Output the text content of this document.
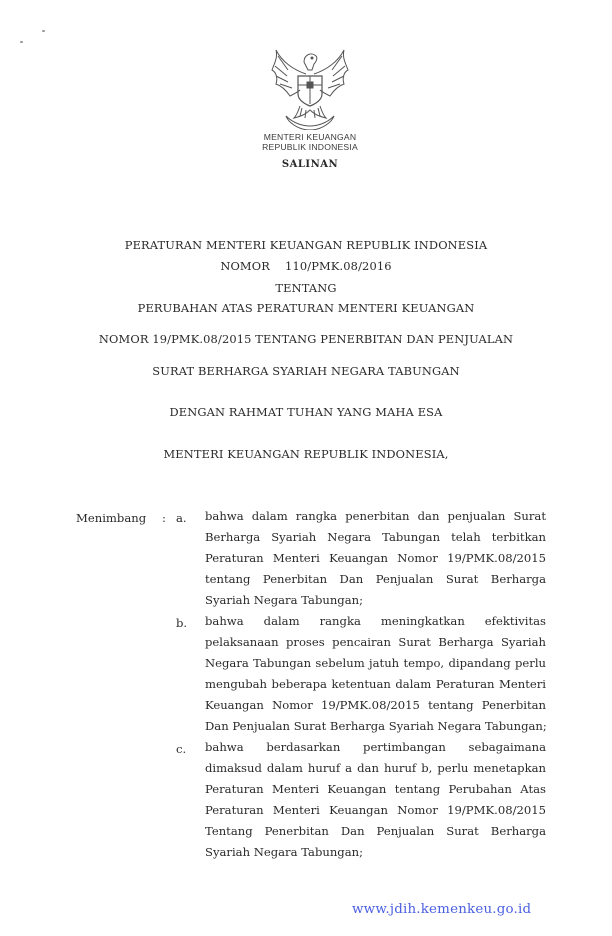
MENTERI KEUANGAN
REPUBLIK INDONESIA
SALINAN
PERATURAN MENTERI KEUANGAN REPUBLIK INDONESIA
NOMOR    110/PMK.08/2016
TENTANG
PERUBAHAN ATAS PERATURAN MENTERI KEUANGAN
NOMOR 19/PMK.08/2015 TENTANG PENERBITAN DAN PENJUALAN
SURAT BERHARGA SYARIAH NEGARA TABUNGAN
DENGAN RAHMAT TUHAN YANG MAHA ESA
MENTERI KEUANGAN REPUBLIK INDONESIA,
Menimbang : a. bahwa dalam rangka penerbitan dan penjualan Surat
Berharga Syariah Negara Tabungan telah terbitkan
Peraturan Menteri Keuangan Nomor 19/PMK.08/2015
tentang Penerbitan Dan Penjualan Surat Berharga
Syariah Negara Tabungan;
b. bahwa dalam rangka meningkatkan efektivitas
pelaksanaan proses pencairan Surat Berharga Syariah
Negara Tabungan sebelum jatuh tempo, dipandang perlu
mengubah beberapa ketentuan dalam Peraturan Menteri
Keuangan Nomor 19/PMK.08/2015 tentang Penerbitan
Dan Penjualan Surat Berharga Syariah Negara Tabungan;
c. bahwa berdasarkan pertimbangan sebagaimana
dimaksud dalam huruf a dan huruf b, perlu menetapkan
Peraturan Menteri Keuangan tentang Perubahan Atas
Peraturan Menteri Keuangan Nomor 19/PMK.08/2015
Tentang Penerbitan Dan Penjualan Surat Berharga
Syariah Negara Tabungan;
www.jdih.kemenkeu.go.id
